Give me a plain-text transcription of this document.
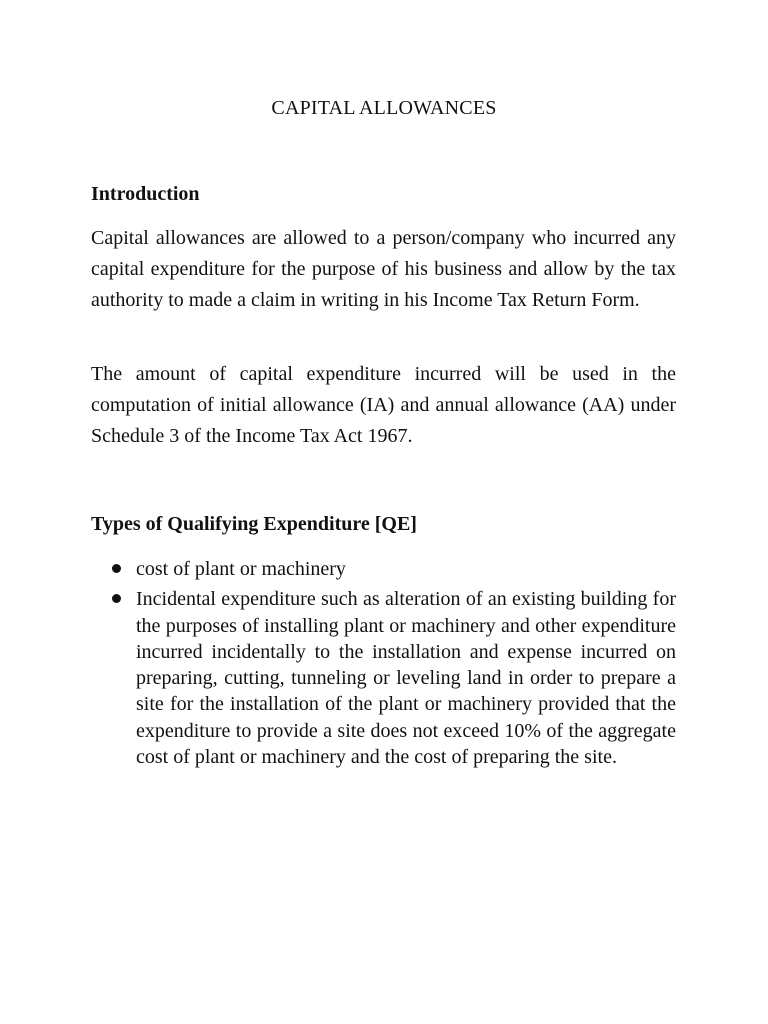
CAPITAL ALLOWANCES
Introduction

Capital allowances are allowed to a person/company who incurred any capital expenditure for the purpose of his business and allow by the tax authority to made a claim in writing in his Income Tax Return Form.

The amount of capital expenditure incurred will be used in the computation of initial allowance (IA) and annual allowance (AA) under Schedule 3 of the Income Tax Act 1967.

Types of Qualifying Expenditure [QE]
cost of plant or machinery
Incidental expenditure such as alteration of an existing building for the purposes of installing plant or machinery and other expenditure incurred incidentally to the installation and expense incurred on preparing, cutting, tunneling or leveling land in order to prepare a site for the installation of the plant or machinery provided that the expenditure to provide a site does not exceed 10% of the aggregate cost of plant or machinery and the cost of preparing the site.
